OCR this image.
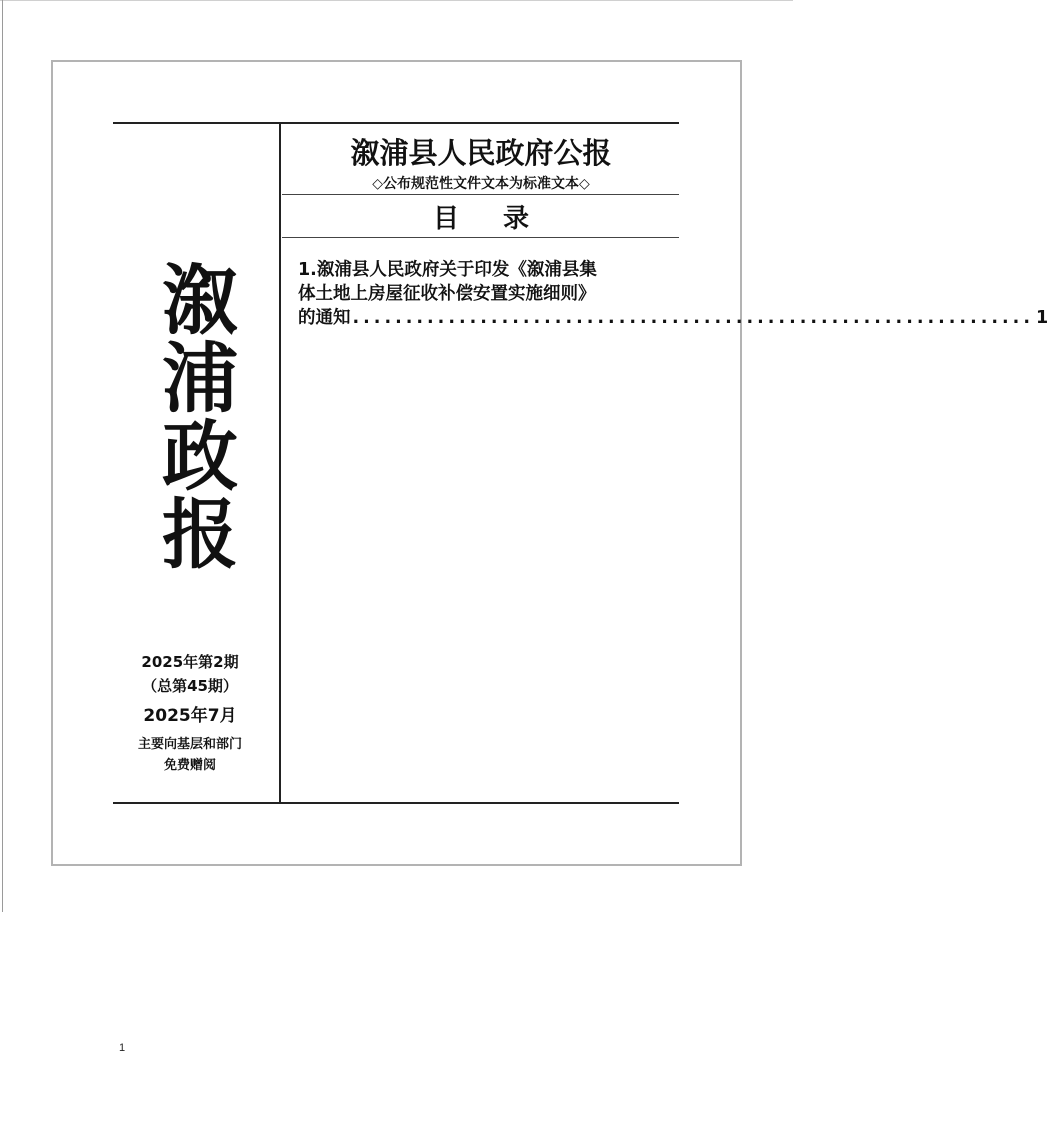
溆浦政报
2025年第2期
（总第45期）
2025年7月
主要向基层和部门
免费赠阅
溆浦县人民政府公报
◇公布规范性文件文本为标准文本◇
目录
1.溆浦县人民政府关于印发《溆浦县集
体土地上房屋征收补偿安置实施细则》
的通知 ................................................................ 1
1
